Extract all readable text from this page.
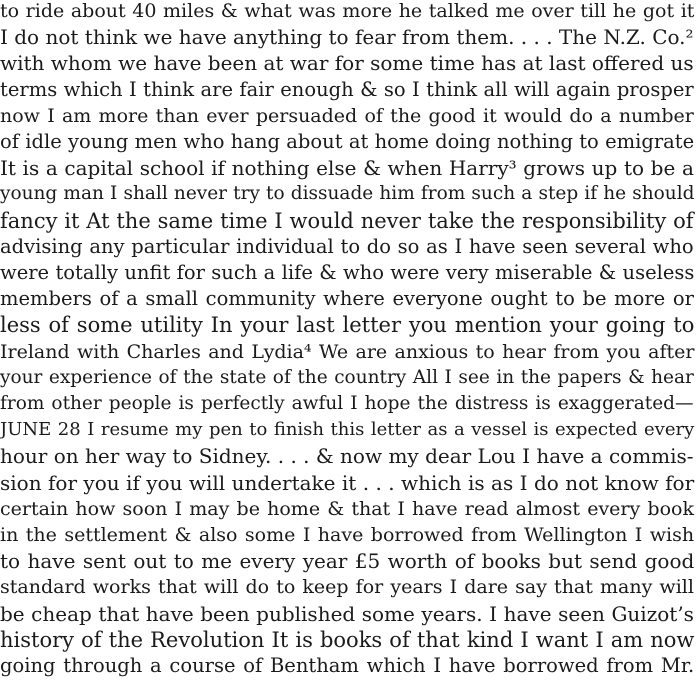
to ride about 40 miles & what was more he talked me over till he got it
I do not think we have anything to fear from them. . . . The N.Z. Co.²
with whom we have been at war for some time has at last offered us
terms which I think are fair enough & so I think all will again prosper
now I am more than ever persuaded of the good it would do a number
of idle young men who hang about at home doing nothing to emigrate
It is a capital school if nothing else & when Harry³ grows up to be a
young man I shall never try to dissuade him from such a step if he should
fancy it At the same time I would never take the responsibility of
advising any particular individual to do so as I have seen several who
were totally unfit for such a life & who were very miserable & useless
members of a small community where everyone ought to be more or
less of some utility In your last letter you mention your going to
Ireland with Charles and Lydia⁴ We are anxious to hear from you after
your experience of the state of the country All I see in the papers & hear
from other people is perfectly awful I hope the distress is exaggerated—
JUNE 28 I resume my pen to finish this letter as a vessel is expected every
hour on her way to Sidney. . . . & now my dear Lou I have a commis-
sion for you if you will undertake it . . . which is as I do not know for
certain how soon I may be home & that I have read almost every book
in the settlement & also some I have borrowed from Wellington I wish
to have sent out to me every year £5 worth of books but send good
standard works that will do to keep for years I dare say that many will
be cheap that have been published some years. I have seen Guizot’s
history of the Revolution It is books of that kind I want I am now
going through a course of Bentham which I have borrowed from Mr.
